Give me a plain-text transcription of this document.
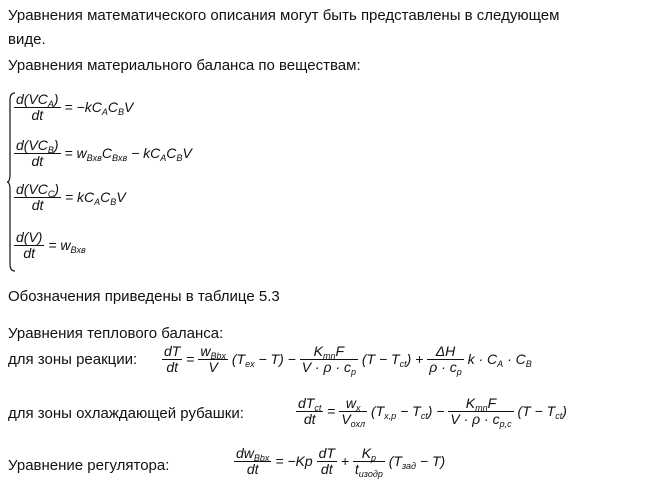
Уравнения математического описания могут быть представлены в следующем
виде.
Уравнения материального баланса по веществам:
$\frac{d(VC_A)}{dt} = -kC_AC_BV$
$\frac{d(VC_B)}{dt} = w_{Bxв}C_{Bxв} - kC_AC_BV$
$\frac{d(VC_C)}{dt} = kC_AC_BV$
$\frac{d(V)}{dt} = w_{Bxв}$
Обозначения приведены в таблице 5.3
Уравнения теплового баланса:
для зоны реакции: $\frac{dT}{dt} = \frac{w_{Bbx}}{V} (T_{ex} - T) - \frac{K_{mn}F}{V \cdot \rho \cdot c_p} (T - T_{ct}) + \frac{\Delta H}{\rho \cdot c_p}$ $k \cdot C_A \cdot C_B$
для зоны охлаждающей рубашки:	$\frac{dT_{ct}}{dt} = \frac{w_x}{V_{охл}} (T_{x,p} - T_{ct}) - \frac{K_{mn}F}{V \cdot \rho \cdot c_{p,c}} (T - T_{ct})$
Уравнение регулятора:	$\frac{dw_{Bbx}}{dt} = -Kp \frac{dT}{dt} + \frac{K_p}{t_{изодр}} (T_{зад} - T)$
